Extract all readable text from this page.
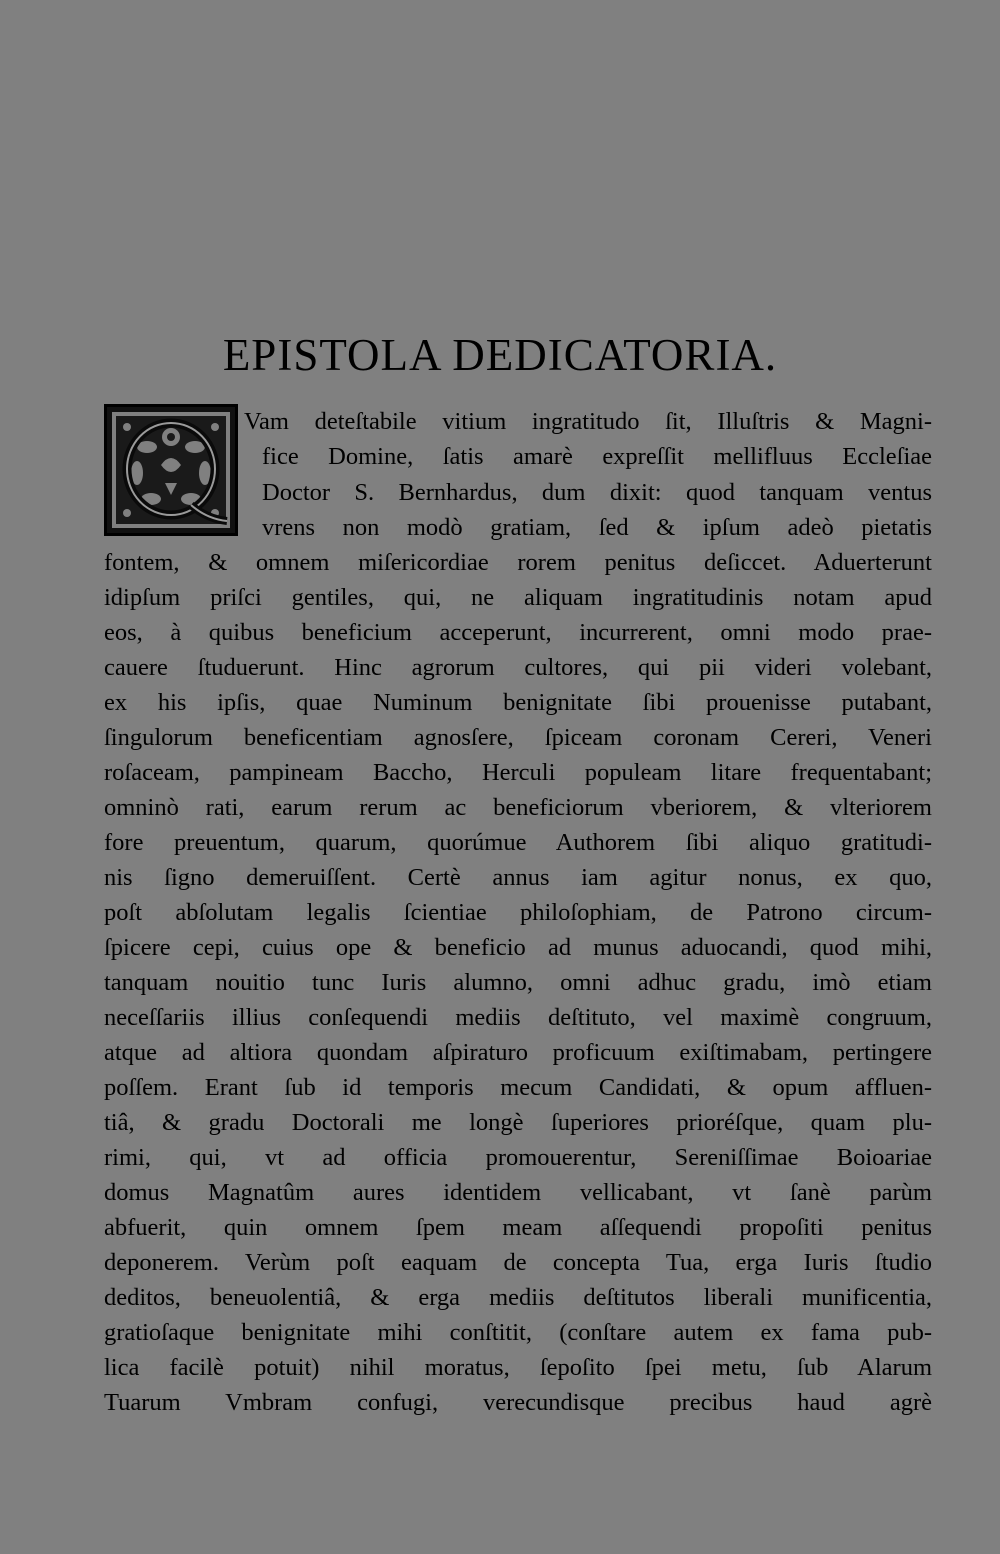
EPISTOLA DEDICATORIA.
Vam deteſtabile vitium ingratitudo ſit, Illuſtris & Magni-
fice Domine, ſatis amarè expreſſit mellifluus Eccleſiae
Doctor S. Bernhardus, dum dixit: quod tanquam ventus
vrens non modò gratiam, ſed & ipſum adeò pietatis
fontem, & omnem miſericordiae rorem penitus deſiccet. Aduerterunt
idipſum priſci gentiles, qui, ne aliquam ingratitudinis notam apud
eos, à quibus beneficium acceperunt, incurrerent, omni modo prae-
cauere ſtuduerunt. Hinc agrorum cultores, qui pii videri volebant,
ex his ipſis, quae Numinum benignitate ſibi prouenisse putabant,
ſingulorum beneficentiam agnosſere, ſpiceam coronam Cereri, Veneri
roſaceam, pampineam Baccho, Herculi populeam litare frequentabant;
omninò rati, earum rerum ac beneficiorum vberiorem, & vlteriorem
fore preuentum, quarum, quorúmue Authorem ſibi aliquo gratitudi-
nis ſigno demeruiſſent. Certè annus iam agitur nonus, ex quo,
poſt abſolutam legalis ſcientiae philoſophiam, de Patrono circum-
ſpicere cepi, cuius ope & beneficio ad munus aduocandi, quod mihi,
tanquam nouitio tunc Iuris alumno, omni adhuc gradu, imò etiam
neceſſariis illius conſequendi mediis deſtituto, vel maximè congruum,
atque ad altiora quondam aſpiraturo proficuum exiſtimabam, pertingere
poſſem. Erant ſub id temporis mecum Candidati, & opum affluen-
tiâ, & gradu Doctorali me longè ſuperiores prioréſque, quam plu-
rimi, qui, vt ad officia promouerentur, Sereniſſimae Boioariae
domus Magnatûm aures identidem vellicabant, vt ſanè parùm
abfuerit, quin omnem ſpem meam aſſequendi propoſiti penitus
deponerem. Verùm poſt eaquam de concepta Tua, erga Iuris ſtudio
deditos, beneuolentiâ, & erga mediis deſtitutos liberali munificentia,
gratioſaque benignitate mihi conſtitit, (conſtare autem ex fama pub-
lica facilè potuit) nihil moratus, ſepoſito ſpei metu, ſub Alarum
Tuarum Vmbram confugi, verecundisque precibus haud agrè
